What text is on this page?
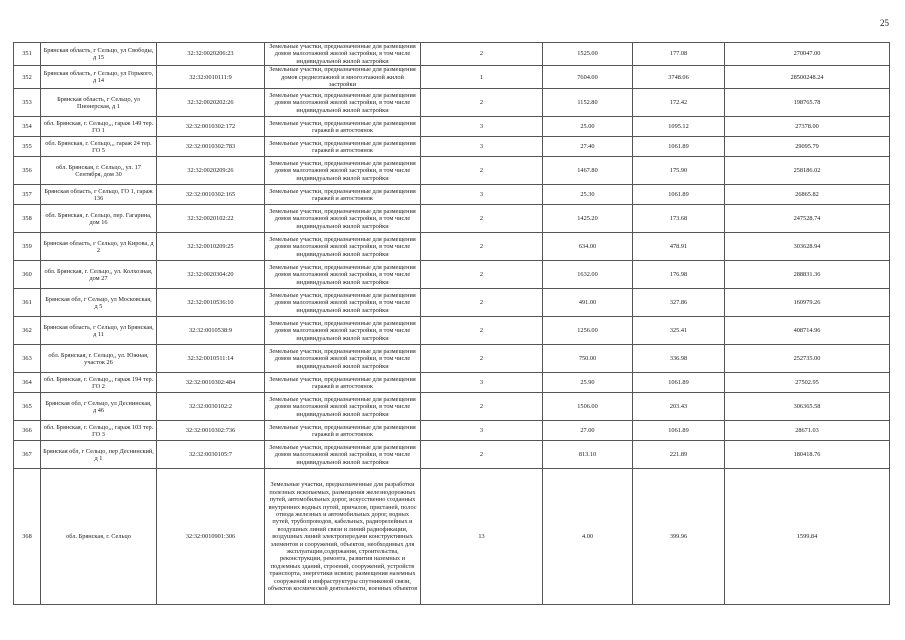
25
351	Брянская область, г Сельцо, ул Свободы, д 15	32:32:0020206:23	Земельные участки, предназначенные для размещения домов малоэтажной жилой застройки, в том числе индивидуальной жилой застройки	2	1525.00	177.08	270047.00
352	Брянская область, г Сельцо, ул Горького, д 14	32:32:0010111:9	Земельные участки, предназначенные для размещения домов среднеэтажной и многоэтажной жилой застройки	1	7604.00	3748.06	28500248.24
353	Брянская область, г Сельцо, ул Пионерская, д 1	32:32:0020202:26	Земельные участки, предназначенные для размещения домов малоэтажной жилой застройки, в том числе индивидуальной жилой застройки	2	1152.80	172.42	198765.78
354	обл. Брянская, г. Сельцо,,, гараж 149 тер. ГО 1	32:32:0010302:172	Земельные участки, предназначенные для размещения гаражей и автостоянок	3	25.00	1095.12	27378.00
355	обл. Брянская, г. Сельцо,,, гараж 24 тер. ГО 5	32:32:0010302:783	Земельные участки, предназначенные для размещения гаражей и автостоянок	3	27.40	1061.89	29095.79
356	обл. Брянская, г. Сельцо,, ул. 17 Сентября, дом 30	32:32:0020209:26	Земельные участки, предназначенные для размещения домов малоэтажной жилой застройки, в том числе индивидуальной жилой застройки	2	1467.80	175.90	258186.02
357	Брянская область, г Сельцо, ГО 1, гараж 136	32:32:0010302:165	Земельные участки, предназначенные для размещения гаражей и автостоянок	3	25.30	1061.89	26865.82
358	обл. Брянская, г. Сельцо, пер. Гагарина, дом 16	32:32:0020102:22	Земельные участки, предназначенные для размещения домов малоэтажной жилой застройки, в том числе индивидуальной жилой застройки	2	1425.20	173.68	247528.74
359	Брянская область, г Сельцо, ул Кирова, д 2	32:32:0010209:25	Земельные участки, предназначенные для размещения домов малоэтажной жилой застройки, в том числе индивидуальной жилой застройки	2	634.00	478.91	303628.94
360	обл. Брянская, г. Сельцо,, ул. Колхозная, дом 27	32:32:0020304:20	Земельные участки, предназначенные для размещения домов малоэтажной жилой застройки, в том числе индивидуальной жилой застройки	2	1632.00	176.98	288831.36
361	Брянская обл, г Сельцо, ул Московская, д 5	32:32:0010536:10	Земельные участки, предназначенные для размещения домов малоэтажной жилой застройки, в том числе индивидуальной жилой застройки	2	491.00	327.86	160979.26
362	Брянская область, г Сельцо, ул Брянская, д 11	32:32:0010538:9	Земельные участки, предназначенные для размещения домов малоэтажной жилой застройки, в том числе индивидуальной жилой застройки	2	1256.00	325.41	408714.96
363	обл. Брянская, г. Сельцо,, ул. Южная, участок 26	32:32:0010511:14	Земельные участки, предназначенные для размещения домов малоэтажной жилой застройки, в том числе индивидуальной жилой застройки	2	750.00	336.98	252735.00
364	обл. Брянская, г. Сельцо,,, гараж 194 тер. ГО 2	32:32:0010302:484	Земельные участки, предназначенные для размещения гаражей и автостоянок	3	25.90	1061.89	27502.95
365	Брянская обл, г Сельцо, ул Деснинская, д 46	32:32:0030102:2	Земельные участки, предназначенные для размещения домов малоэтажной жилой застройки, в том числе индивидуальной жилой застройки	2	1506.00	203.43	306365.58
366	обл. Брянская, г. Сельцо,,, гараж 103 тер. ГО 3	32:32:0010302:736	Земельные участки, предназначенные для размещения гаражей и автостоянок	3	27.00	1061.89	28671.03
367	Брянская обл, г Сельцо, пер Деснинский, д 1	32:32:0030105:7	Земельные участки, предназначенные для размещения домов малоэтажной жилой застройки, в том числе индивидуальной жилой застройки	2	813.10	221.89	180418.76
368	обл. Брянская, г. Сельцо	32:32:0010901:306	Земельные участки, предназначенные для разработки полезных ископаемых, размещения железнодорожных путей, автомобильных дорог, искусственно созданных внутренних водных путей, причалов, пристаней, полос отвода железных и автомобильных дорог, водных путей, трубопроводов, кабельных, радиорелейных и воздушных линий связи и линий радиофикации, воздушных линий электропередачи конструктивных элементов и сооружений, объектов, необходимых для эксплуатации,содержания, строительства, реконструкции, ремонта, развития наземных и подземных зданий, строений, сооружений, устройств транспорта, энергетики исвязи; размещения наземных сооружений и инфраструктуры спутниковой связи, объектов космической деятельности, военных объектов	13	4.00	399.96	1599.84
